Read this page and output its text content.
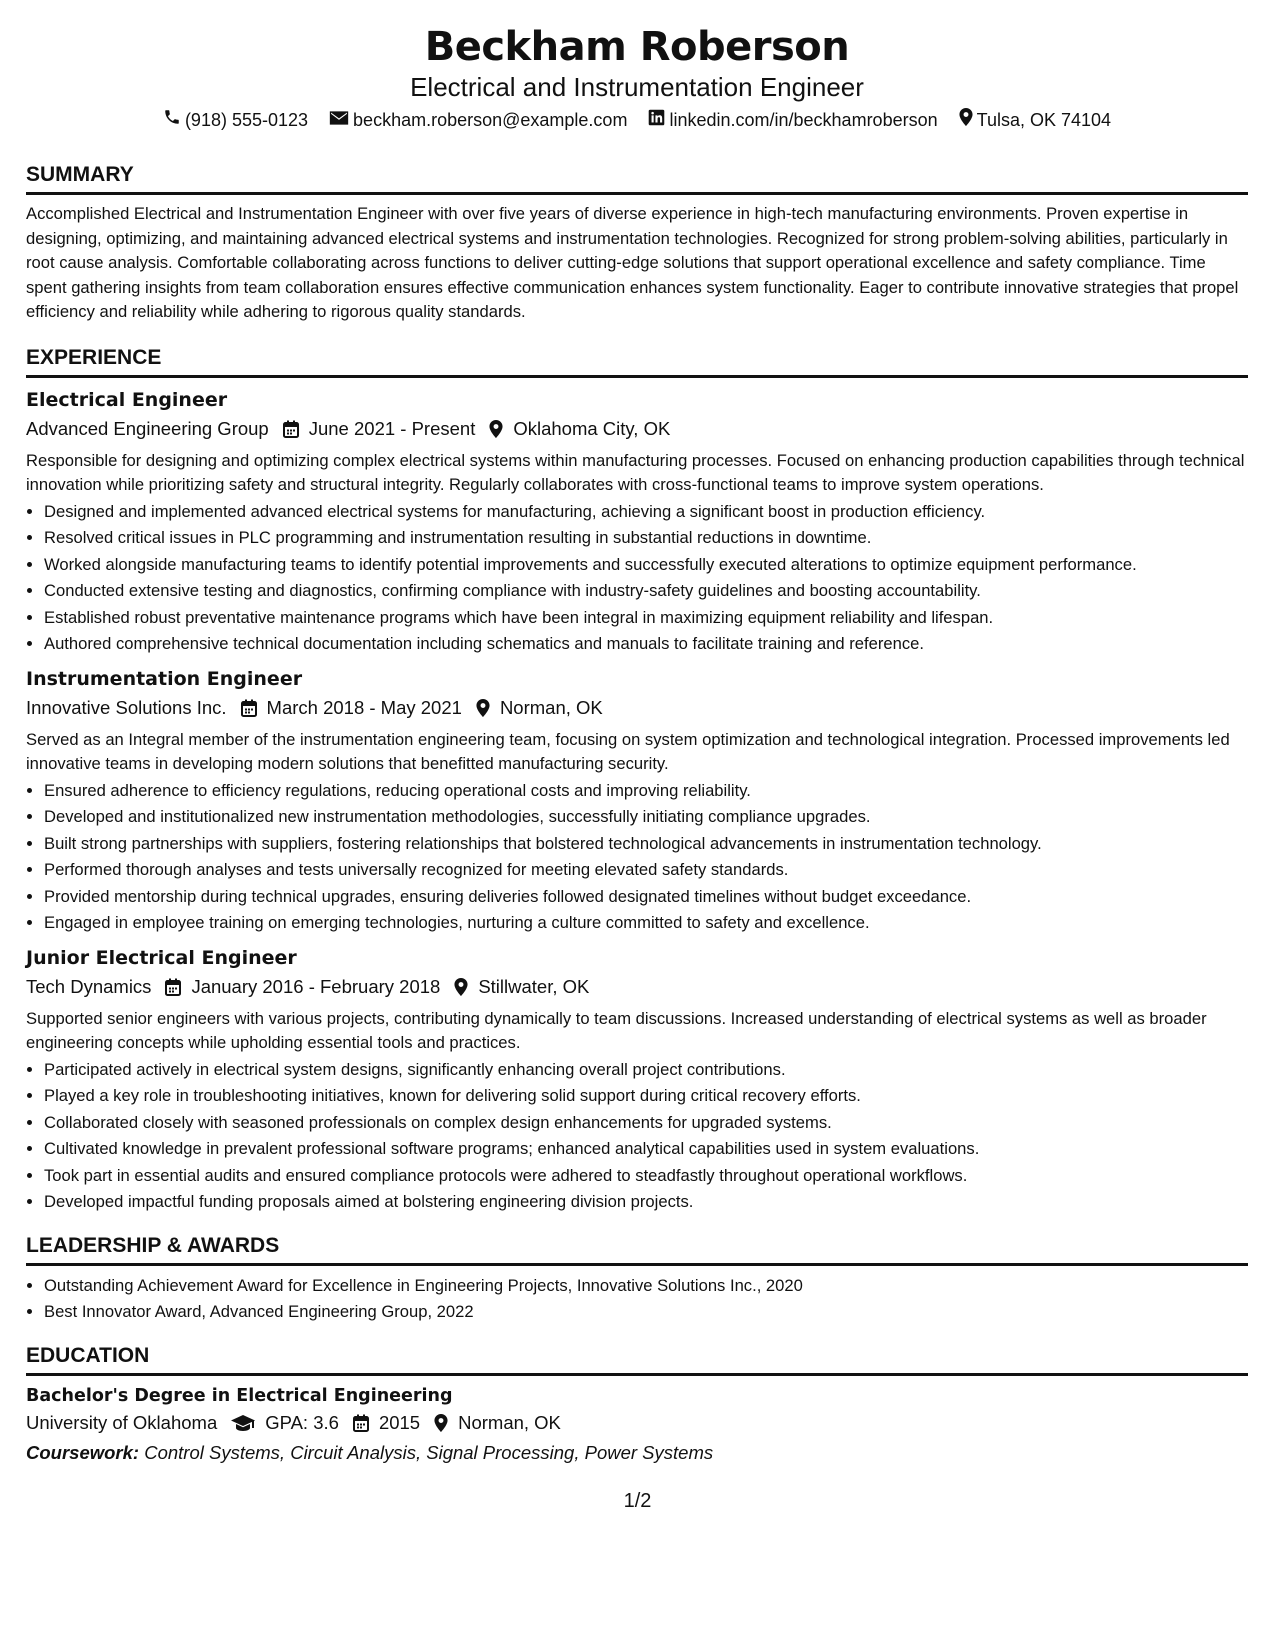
Beckham Roberson
Electrical and Instrumentation Engineer
(918) 555-0123
	beckham.roberson@example.com
linkedin.com/in/beckhamroberson
Tulsa, OK 74104
SUMMARY
Accomplished Electrical and Instrumentation Engineer with over five years of diverse experience in high-tech manufacturing environments. Proven expertise in designing, optimizing, and maintaining advanced electrical systems and instrumentation technologies. Recognized for strong problem-solving abilities, particularly in root cause analysis. Comfortable collaborating across functions to deliver cutting-edge solutions that support operational excellence and safety compliance. Time spent gathering insights from team collaboration ensures effective communication enhances system functionality. Eager to contribute innovative strategies that propel efficiency and reliability while adhering to rigorous quality standards.
EXPERIENCE
Electrical Engineer
Advanced Engineering Group June 2021 - Present Oklahoma City, OK
Responsible for designing and optimizing complex electrical systems within manufacturing processes. Focused on enhancing production capabilities through technical innovation while prioritizing safety and structural integrity. Regularly collaborates with cross-functional teams to improve system operations.
• Designed and implemented advanced electrical systems for manufacturing, achieving a significant boost in production efficiency.
• Resolved critical issues in PLC programming and instrumentation resulting in substantial reductions in downtime.
• Worked alongside manufacturing teams to identify potential improvements and successfully executed alterations to optimize equipment performance.
• Conducted extensive testing and diagnostics, confirming compliance with industry-safety guidelines and boosting accountability.
• Established robust preventative maintenance programs which have been integral in maximizing equipment reliability and lifespan.
• Authored comprehensive technical documentation including schematics and manuals to facilitate training and reference.
Instrumentation Engineer
Innovative Solutions Inc. March 2018 - May 2021 Norman, OK
Served as an Integral member of the instrumentation engineering team, focusing on system optimization and technological integration. Processed improvements led innovative teams in developing modern solutions that benefitted manufacturing security.
• Ensured adherence to efficiency regulations, reducing operational costs and improving reliability.
• Developed and institutionalized new instrumentation methodologies, successfully initiating compliance upgrades.
• Built strong partnerships with suppliers, fostering relationships that bolstered technological advancements in instrumentation technology.
• Performed thorough analyses and tests universally recognized for meeting elevated safety standards.
• Provided mentorship during technical upgrades, ensuring deliveries followed designated timelines without budget exceedance.
• Engaged in employee training on emerging technologies, nurturing a culture committed to safety and excellence.
Junior Electrical Engineer
Tech Dynamics January 2016 - February 2018 Stillwater, OK
Supported senior engineers with various projects, contributing dynamically to team discussions. Increased understanding of electrical systems as well as broader engineering concepts while upholding essential tools and practices.
• Participated actively in electrical system designs, significantly enhancing overall project contributions.
• Played a key role in troubleshooting initiatives, known for delivering solid support during critical recovery efforts.
• Collaborated closely with seasoned professionals on complex design enhancements for upgraded systems.
• Cultivated knowledge in prevalent professional software programs; enhanced analytical capabilities used in system evaluations.
• Took part in essential audits and ensured compliance protocols were adhered to steadfastly throughout operational workflows.
• Developed impactful funding proposals aimed at bolstering engineering division projects.
LEADERSHIP & AWARDS
• Outstanding Achievement Award for Excellence in Engineering Projects, Innovative Solutions Inc., 2020
• Best Innovator Award, Advanced Engineering Group, 2022
EDUCATION
Bachelor's Degree in Electrical Engineering
University of Oklahoma	GPA: 3.6 2015 Norman, OK
Coursework: Control Systems, Circuit Analysis, Signal Processing, Power Systems
1/2
